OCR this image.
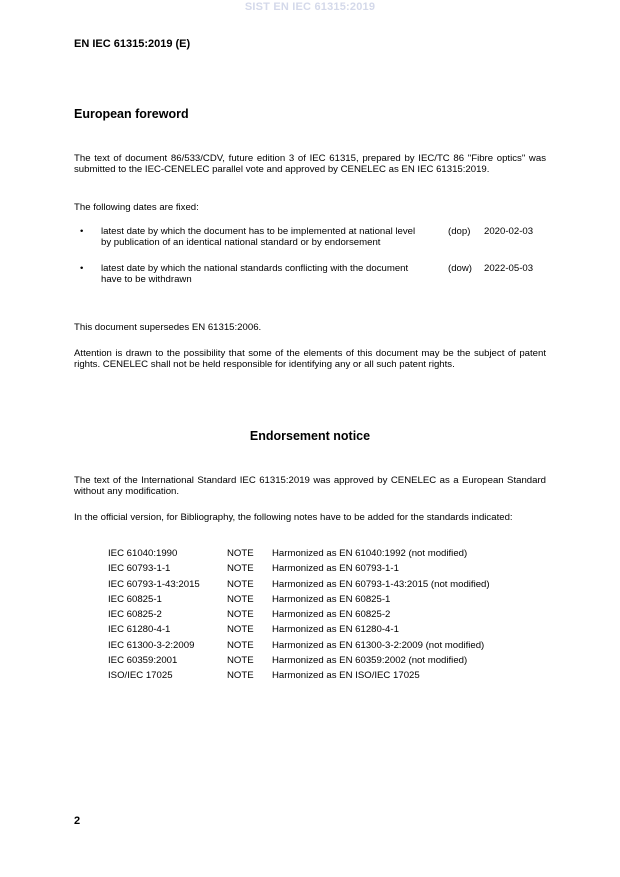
SIST EN IEC 61315:2019
EN IEC 61315:2019 (E)
European foreword

The text of document 86/533/CDV, future edition 3 of IEC 61315, prepared by IEC/TC 86 "Fibre optics" was submitted to the IEC-CENELEC parallel vote and approved by CENELEC as EN IEC 61315:2019.

The following dates are fixed:

• latest date by which the document has to be implemented at national level by publication of an identical national standard or by endorsement
(dop) 2020-02-03
• latest date by which the national standards conflicting with the document have to be withdrawn
(dow) 2022-05-03

This document supersedes EN 61315:2006.

Attention is drawn to the possibility that some of the elements of this document may be the subject of patent rights. CENELEC shall not be held responsible for identifying any or all such patent rights.

Endorsement notice

The text of the International Standard IEC 61315:2019 was approved by CENELEC as a European Standard without any modification.

In the official version, for Bibliography, the following notes have to be added for the standards indicated:

IEC 61040:1990	NOTE Harmonized as EN 61040:1992 (not modified)
IEC 60793-1-1	NOTE Harmonized as EN 60793-1-1
IEC 60793-1-43:2015	NOTE Harmonized as EN 60793-1-43:2015 (not modified)
IEC 60825-1	NOTE Harmonized as EN 60825-1
IEC 60825-2	NOTE Harmonized as EN 60825-2
IEC 61280-4-1	NOTE Harmonized as EN 61280-4-1
IEC 61300-3-2:2009	NOTE Harmonized as EN 61300-3-2:2009 (not modified)
IEC 60359:2001	NOTE Harmonized as EN 60359:2002 (not modified)
ISO/IEC 17025	NOTE Harmonized as EN ISO/IEC 17025
2
